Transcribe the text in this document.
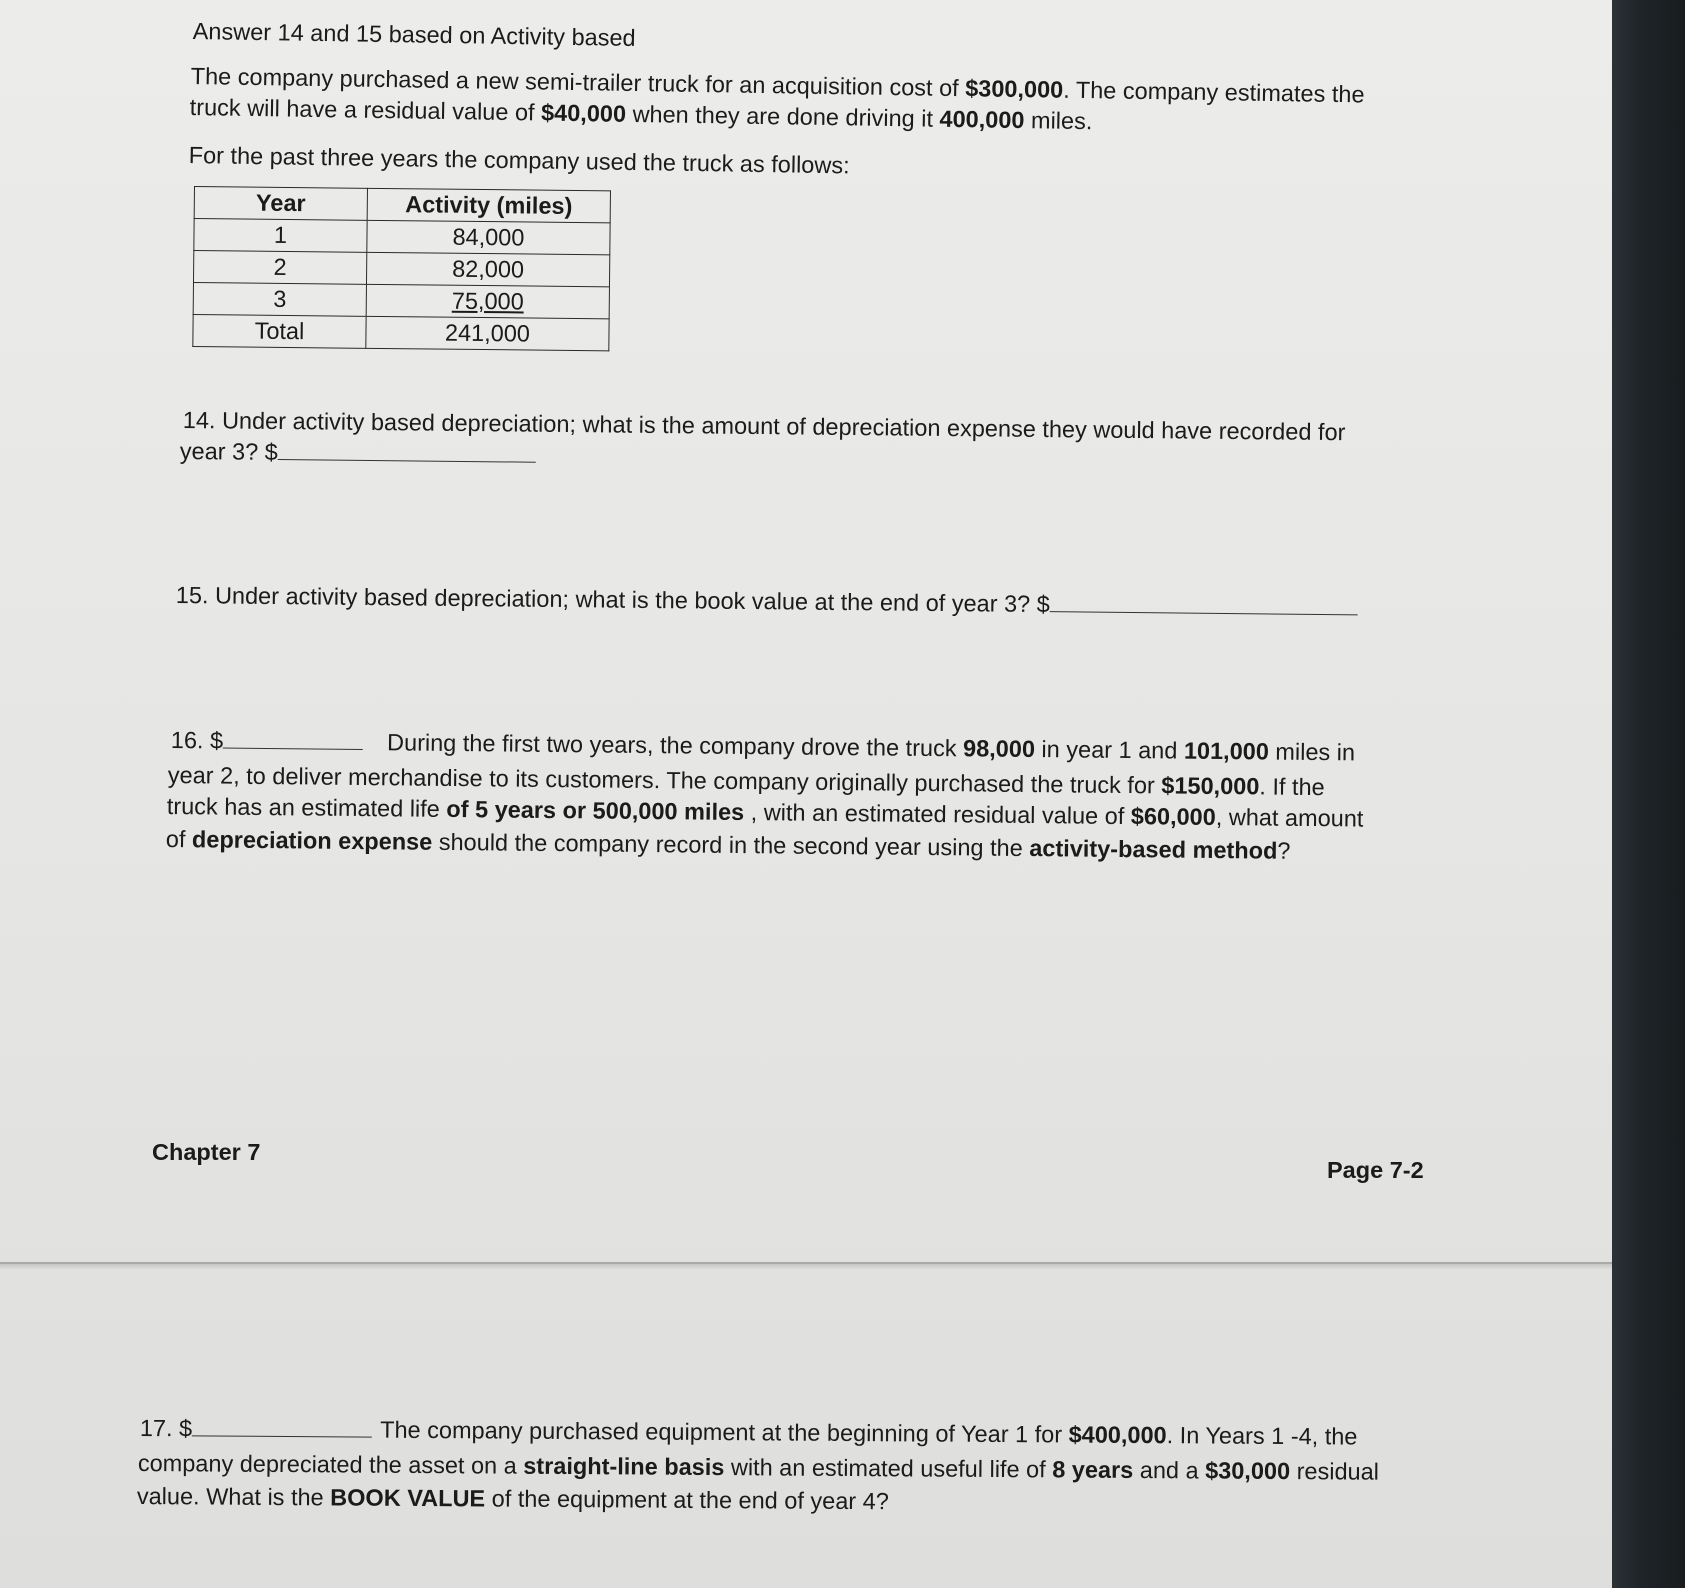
Answer 14 and 15 based on Activity based
The company purchased a new semi-trailer truck for an acquisition cost of $300,000. The company estimates the
truck will have a residual value of $40,000 when they are done driving it 400,000 miles.
For the past three years the company used the truck as follows:
Year	Activity (miles)
1	84,000
2	82,000
3	75,000
Total	241,000
14. Under activity based depreciation; what is the amount of depreciation expense they would have recorded for
year 3? $
15. Under activity based depreciation; what is the book value at the end of year 3? $
16. $	During the first two years, the company drove the truck 98,000 in year 1 and 101,000 miles in
year 2, to deliver merchandise to its customers. The company originally purchased the truck for $150,000. If the
truck has an estimated life of 5 years or 500,000 miles , with an estimated residual value of $60,000, what amount
of depreciation expense should the company record in the second year using the activity-based method?
Chapter 7
Page 7-2
17. $	The company purchased equipment at the beginning of Year 1 for $400,000. In Years 1 -4, the
company depreciated the asset on a straight-line basis with an estimated useful life of 8 years and a $30,000 residual
value. What is the BOOK VALUE of the equipment at the end of year 4?
